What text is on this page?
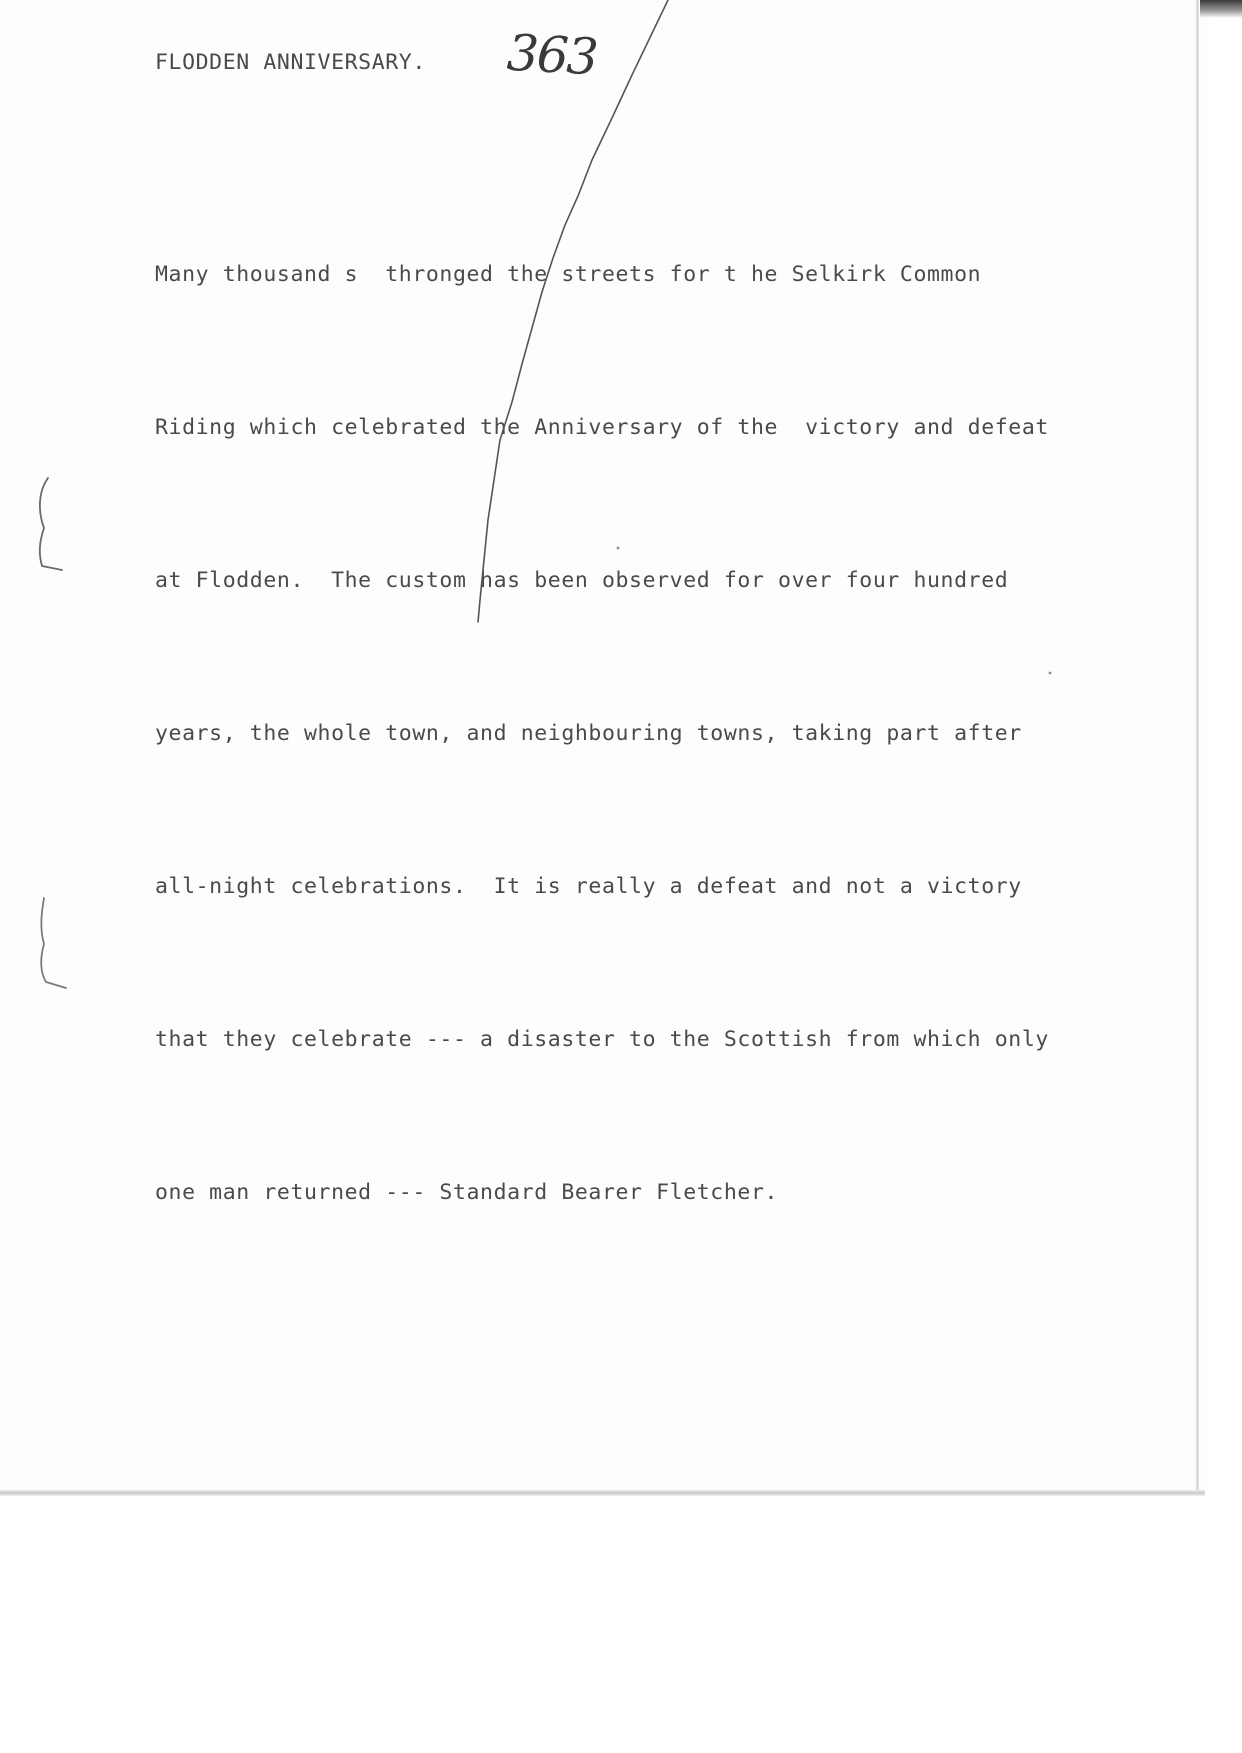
FLODDEN ANNIVERSARY. 363

Many thousand s  thronged the streets for t he Selkirk Common

Riding which celebrated the Anniversary of the  victory and defeat

at Flodden.  The custom has been observed for over four hundred

years, the whole town, and neighbouring towns, taking part after

all-night celebrations.  It is really a defeat and not a victory

that they celebrate --- a disaster to the Scottish from which only

one man returned --- Standard Bearer Fletcher.
